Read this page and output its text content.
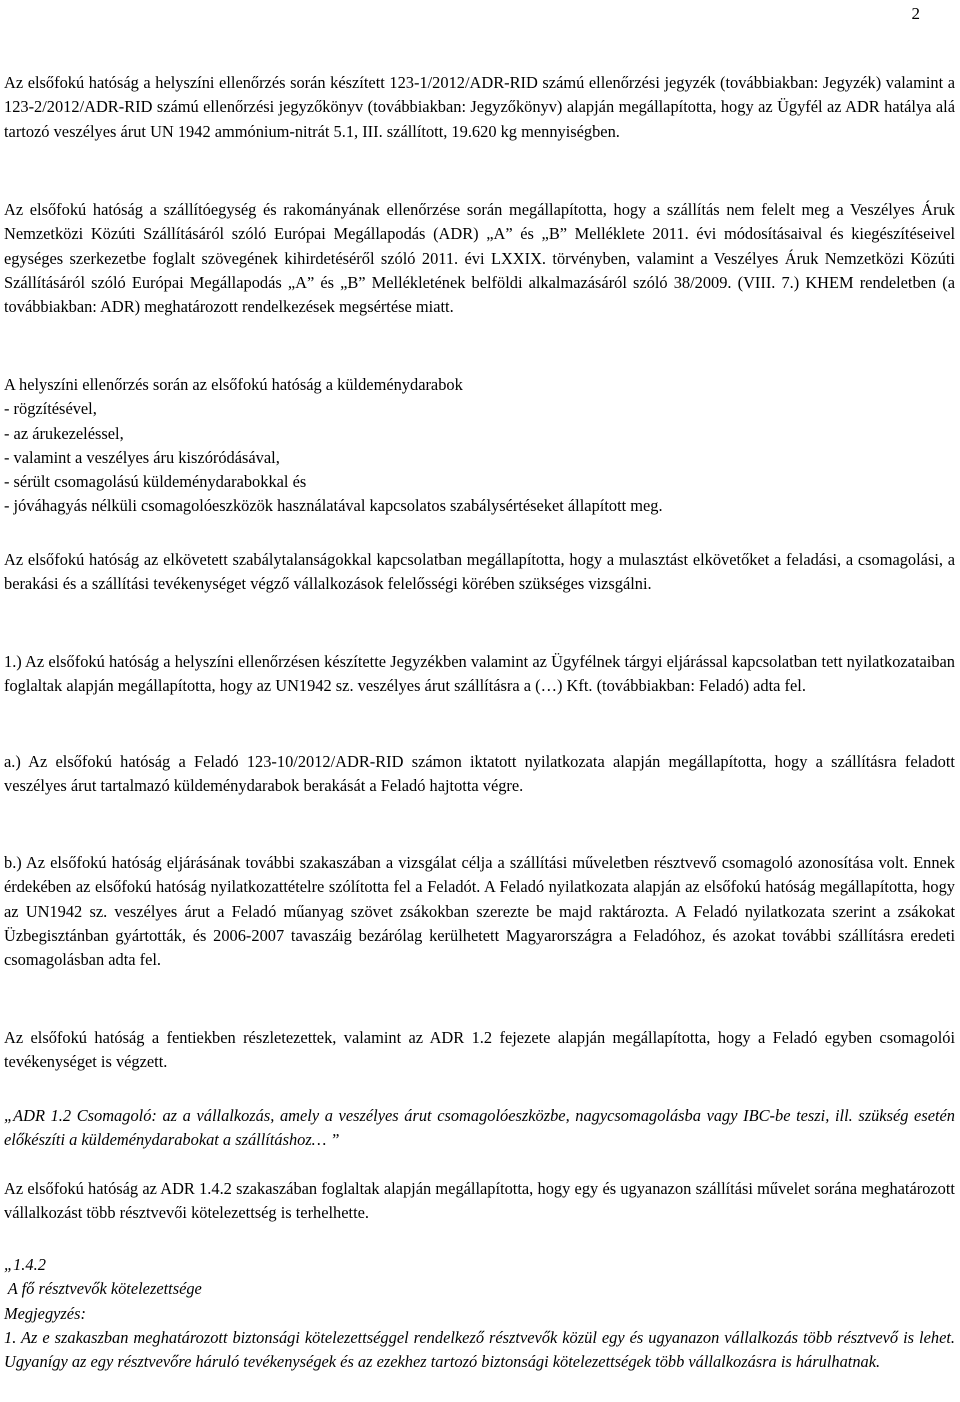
2

Az elsőfokú hatóság a helyszíni ellenőrzés során készített 123-1/2012/ADR-RID számú ellenőrzési jegyzék (továbbiakban: Jegyzék) valamint a 123-2/2012/ADR-RID számú ellenőrzési jegyzőkönyv (továbbiakban: Jegyzőkönyv) alapján megállapította, hogy az Ügyfél az ADR hatálya alá tartozó veszélyes árut UN 1942 ammónium-nitrát 5.1, III. szállított, 19.620 kg mennyiségben.

Az elsőfokú hatóság a szállítóegység és rakományának ellenőrzése során megállapította, hogy a szállítás nem felelt meg a Veszélyes Áruk Nemzetközi Közúti Szállításáról szóló Európai Megállapodás (ADR) „A” és „B” Melléklete 2011. évi módosításaival és kiegészítéseivel egységes szerkezetbe foglalt szövegének kihirdetéséről szóló 2011. évi LXXIX. törvényben, valamint a Veszélyes Áruk Nemzetközi Közúti Szállításáról szóló Európai Megállapodás „A” és „B” Mellékletének belföldi alkalmazásáról szóló 38/2009. (VIII. 7.) KHEM rendeletben (a továbbiakban: ADR) meghatározott rendelkezések megsértése miatt.

A helyszíni ellenőrzés során az elsőfokú hatóság a küldeménydarabok
- rögzítésével,
- az árukezeléssel,
- valamint a veszélyes áru kiszóródásával,
- sérült csomagolású küldeménydarabokkal és
- jóváhagyás nélküli csomagolóeszközök használatával kapcsolatos szabálysértéseket állapított meg.

Az elsőfokú hatóság az elkövetett szabálytalanságokkal kapcsolatban megállapította, hogy a mulasztást elkövetőket a feladási, a csomagolási, a berakási és a szállítási tevékenységet végző vállalkozások felelősségi körében szükséges vizsgálni.

1.) Az elsőfokú hatóság a helyszíni ellenőrzésen készítette Jegyzékben valamint az Ügyfélnek tárgyi eljárással kapcsolatban tett nyilatkozataiban foglaltak alapján megállapította, hogy az UN1942 sz. veszélyes árut szállításra a (…) Kft. (továbbiakban: Feladó) adta fel.

a.) Az elsőfokú hatóság a Feladó 123-10/2012/ADR-RID számon iktatott nyilatkozata alapján megállapította, hogy a szállításra feladott veszélyes árut tartalmazó küldeménydarabok berakását a Feladó hajtotta végre.

b.) Az elsőfokú hatóság eljárásának további szakaszában a vizsgálat célja a szállítási műveletben résztvevő csomagoló azonosítása volt. Ennek érdekében az elsőfokú hatóság nyilatkozattételre szólította fel a Feladót. A Feladó nyilatkozata alapján az elsőfokú hatóság megállapította, hogy az UN1942 sz. veszélyes árut a Feladó műanyag szövet zsákokban szerezte be majd raktározta. A Feladó nyilatkozata szerint a zsákokat Üzbegisztánban gyártották, és 2006-2007 tavaszáig bezárólag kerülhetett Magyarországra a Feladóhoz, és azokat további szállításra eredeti csomagolásban adta fel.

Az elsőfokú hatóság a fentiekben részletezettek, valamint az ADR 1.2 fejezete alapján megállapította, hogy a Feladó egyben csomagolói tevékenységet is végzett.

„ADR 1.2 Csomagoló: az a vállalkozás, amely a veszélyes árut csomagolóeszközbe, nagycsomagolásba vagy IBC-be teszi, ill. szükség esetén előkészíti a küldeménydarabokat a szállításhoz… ”

Az elsőfokú hatóság az ADR 1.4.2 szakaszában foglaltak alapján megállapította, hogy egy és ugyanazon szállítási művelet sorána meghatározott vállalkozást több résztvevői kötelezettség is terhelhette.

„1.4.2
A fő résztvevők kötelezettsége
Megjegyzés:

1. Az e szakaszban meghatározott biztonsági kötelezettséggel rendelkező résztvevők közül egy és ugyanazon vállalkozás több résztvevő is lehet. Ugyanígy az egy résztvevőre háruló tevékenységek és az ezekhez tartozó biztonsági kötelezettségek több vállalkozásra is hárulhatnak.
